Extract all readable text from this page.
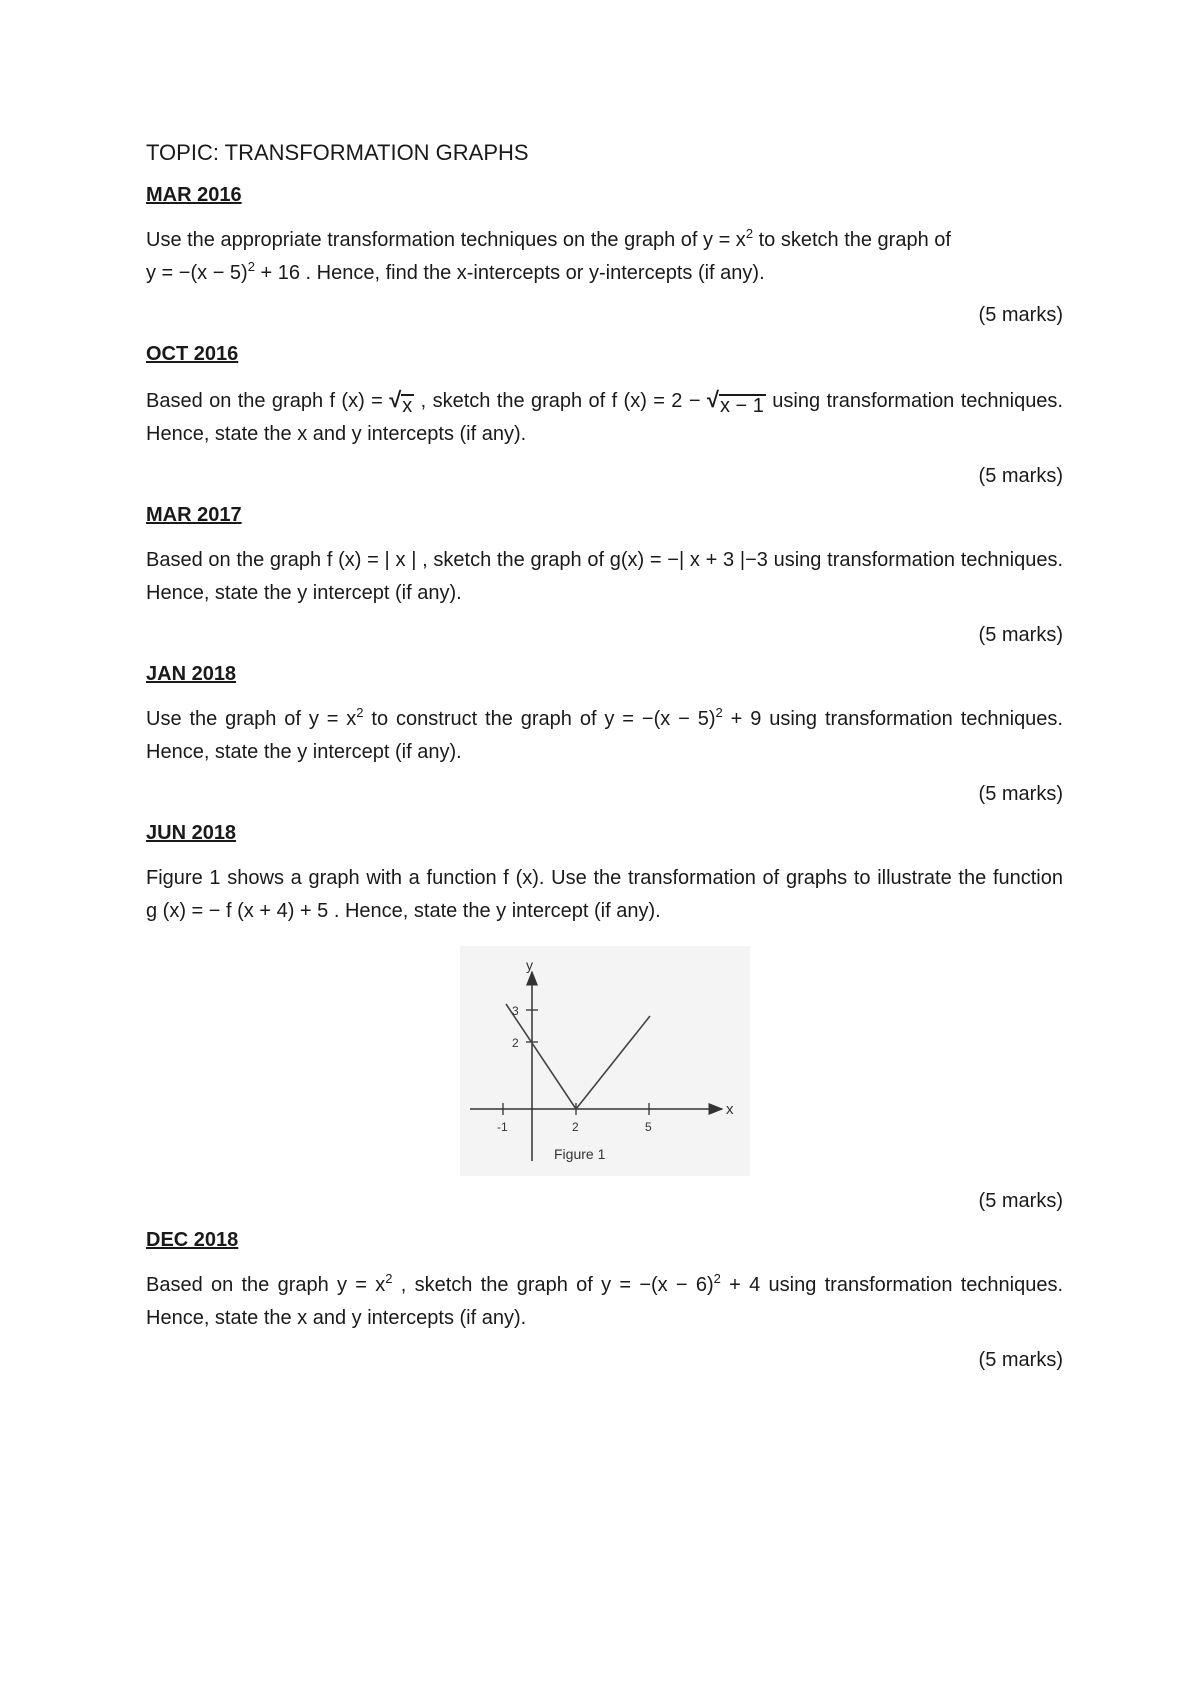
TOPIC: TRANSFORMATION GRAPHS
MAR 2016

Use the appropriate transformation techniques on the graph of $y = x^2$ to sketch the graph of
$y = -(x - 5)^2 + 16$ . Hence, find the x-intercepts or y-intercepts (if any).

(5 marks)
OCT 2016

Based on the graph f (x) = √ x , sketch the graph of f (x) = 2 − √ x − 1 using transformation techniques. Hence, state the x and y intercepts (if any).

(5 marks)
MAR 2017

Based on the graph f (x) = | x | , sketch the graph of g(x) = −| x + 3 |−3 using transformation techniques. Hence, state the y intercept (if any).

(5 marks)
JAN 2018

Use the graph of $y = x^2$ to construct the graph of $y = -(x - 5)^2 + 9$ using transformation techniques. Hence, state the y intercept (if any).

(5 marks)
JUN 2018

Figure 1 shows a graph with a function f (x). Use the transformation of graphs to illustrate the function g (x) = − f (x + 4) + 5 . Hence, state the y intercept (if any).

y
x
-1	2	5
2
3
Figure 1
(5 marks)
DEC 2018

Based on the graph $y = x^2$ , sketch the graph of $y = -(x - 6)^2 + 4$ using transformation techniques. Hence, state the x and y intercepts (if any).

(5 marks)
